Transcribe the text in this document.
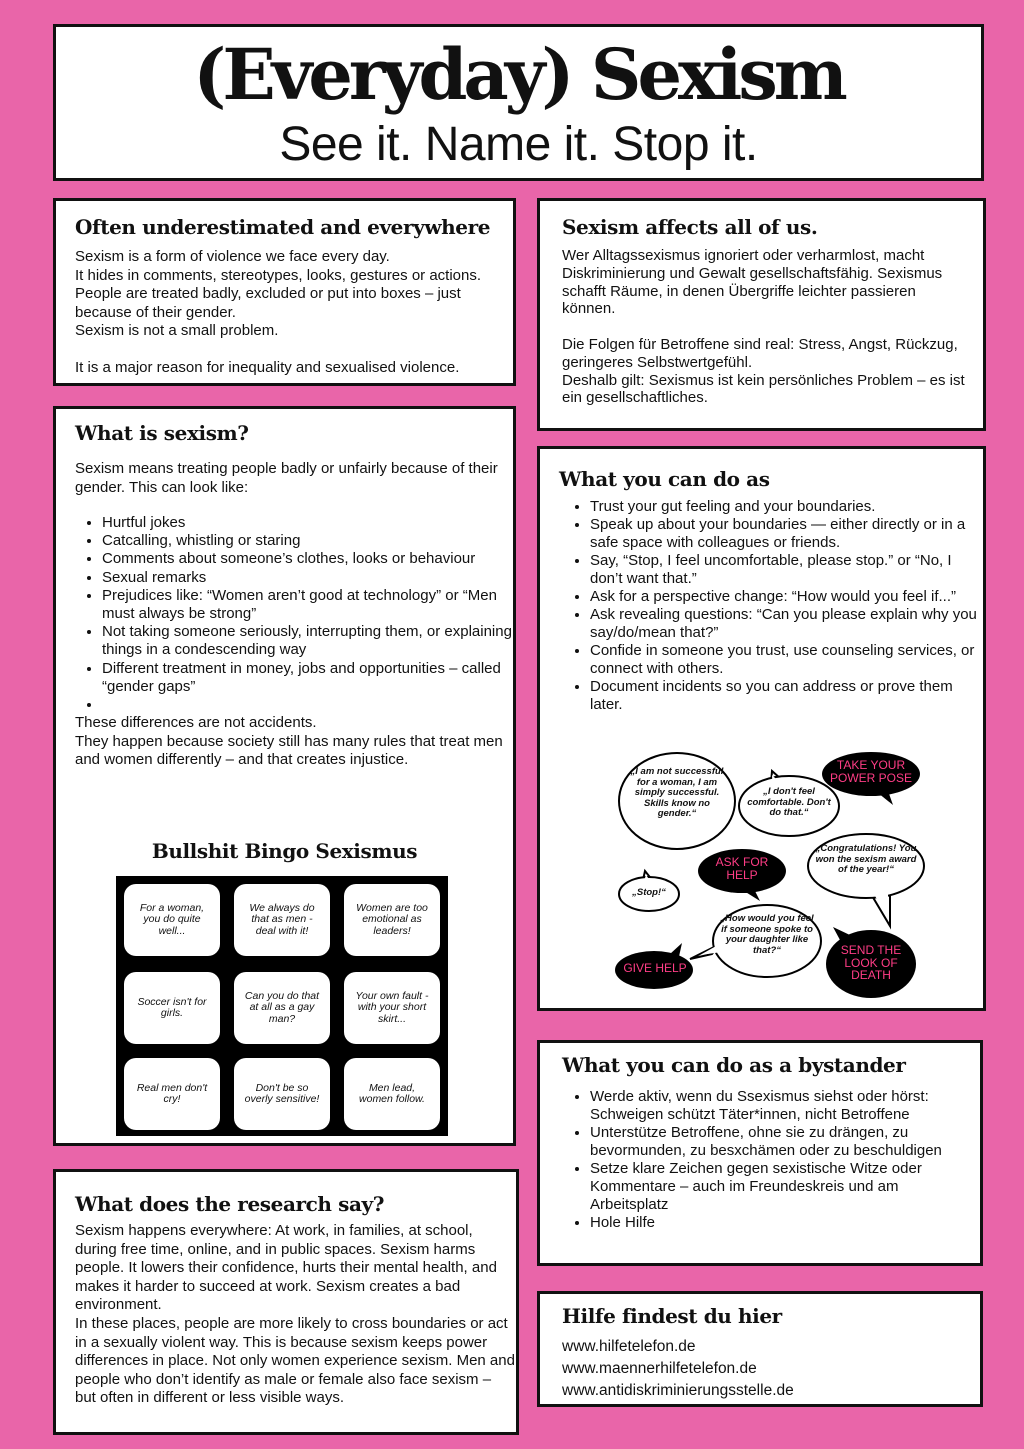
(Everyday) Sexism
See it. Name it. Stop it.
Often underestimated and everywhere

Sexism is a form of violence we face every day.

It hides in comments, stereotypes, looks, gestures or actions. People are treated badly, excluded or put into boxes – just because of their gender.

Sexism is not a small problem.

It is a major reason for inequality and sexualised violence.

Sexism affects all of us.

Wer Alltagssexismus ignoriert oder verharmlost, macht Diskriminierung und Gewalt gesellschaftsfähig. Sexismus schafft Räume, in denen Übergriffe leichter passieren können.

Die Folgen für Betroffene sind real: Stress, Angst, Rückzug, geringeres Selbstwertgefühl.

Deshalb gilt: Sexismus ist kein persönliches Problem – es ist ein gesellschaftliches.

What is sexism?

Sexism means treating people badly or unfairly because of their gender. This can look like:

• Hurtful jokes
• Catcalling, whistling or staring
• Comments about someone’s clothes, looks or behaviour
• Sexual remarks
• Prejudices like: “Women aren’t good at technology” or “Men must always be strong”
• Not taking someone seriously, interrupting them, or explaining things in a condescending way
• Different treatment in money, jobs and opportunities – called “gender gaps”
•

These differences are not accidents.

They happen because society still has many rules that treat men and women differently – and that creates injustice.

Bullshit Bingo Sexismus
For a woman, you do quite well...
We always do that as men - deal with it!
Women are too emotional as leaders!
Soccer isn't for girls.
Can you do that at all as a gay man?
Your own fault - with your short skirt...
Real men don't cry!
Don't be so overly sensitive!
Men lead, women follow.
What you can do as
• Trust your gut feeling and your boundaries.
• Speak up about your boundaries — either directly or in a safe space with colleagues or friends.
• Say, “Stop, I feel uncomfortable, please stop.” or “No, I don’t want that.”
• Ask for a perspective change: “How would you feel if...”
• Ask revealing questions: “Can you please explain why you say/do/mean that?”
• Confide in someone you trust, use counseling services, or connect with others.
• Document incidents so you can address or prove them later.
„I am not successful for a woman, I am simply successful. Skills know no gender.“
„I don't feel comfortable. Don't do that.“
TAKE YOUR POWER POSE
„Congratulations! You won the sexism award of the year!“
ASK FOR HELP
„Stop!“
„How would you feel if someone spoke to your daughter like that?“
GIVE HELP
SEND THE LOOK OF DEATH
What you can do as a bystander
• Werde aktiv, wenn du Ssexismus siehst oder hörst: Schweigen schützt Täter*innen, nicht Betroffene
• Unterstütze Betroffene, ohne sie zu drängen, zu bevormunden, zu besxchämen oder zu beschuldigen
• Setze klare Zeichen gegen sexistische Witze oder Kommentare – auch im Freundeskreis und am Arbeitsplatz
• Hole Hilfe
What does the research say?

Sexism happens everywhere: At work, in families, at school, during free time, online, and in public spaces. Sexism harms people. It lowers their confidence, hurts their mental health, and makes it harder to succeed at work. Sexism creates a bad environment.

In these places, people are more likely to cross boundaries or act in a sexually violent way. This is because sexism keeps power differences in place. Not only women experience sexism. Men and people who don’t identify as male or female also face sexism – but often in different or less visible ways.

Hilfe findest du hier
www.hilfetelefon.de
www.maennerhilfetelefon.de
www.antidiskriminierungsstelle.de
